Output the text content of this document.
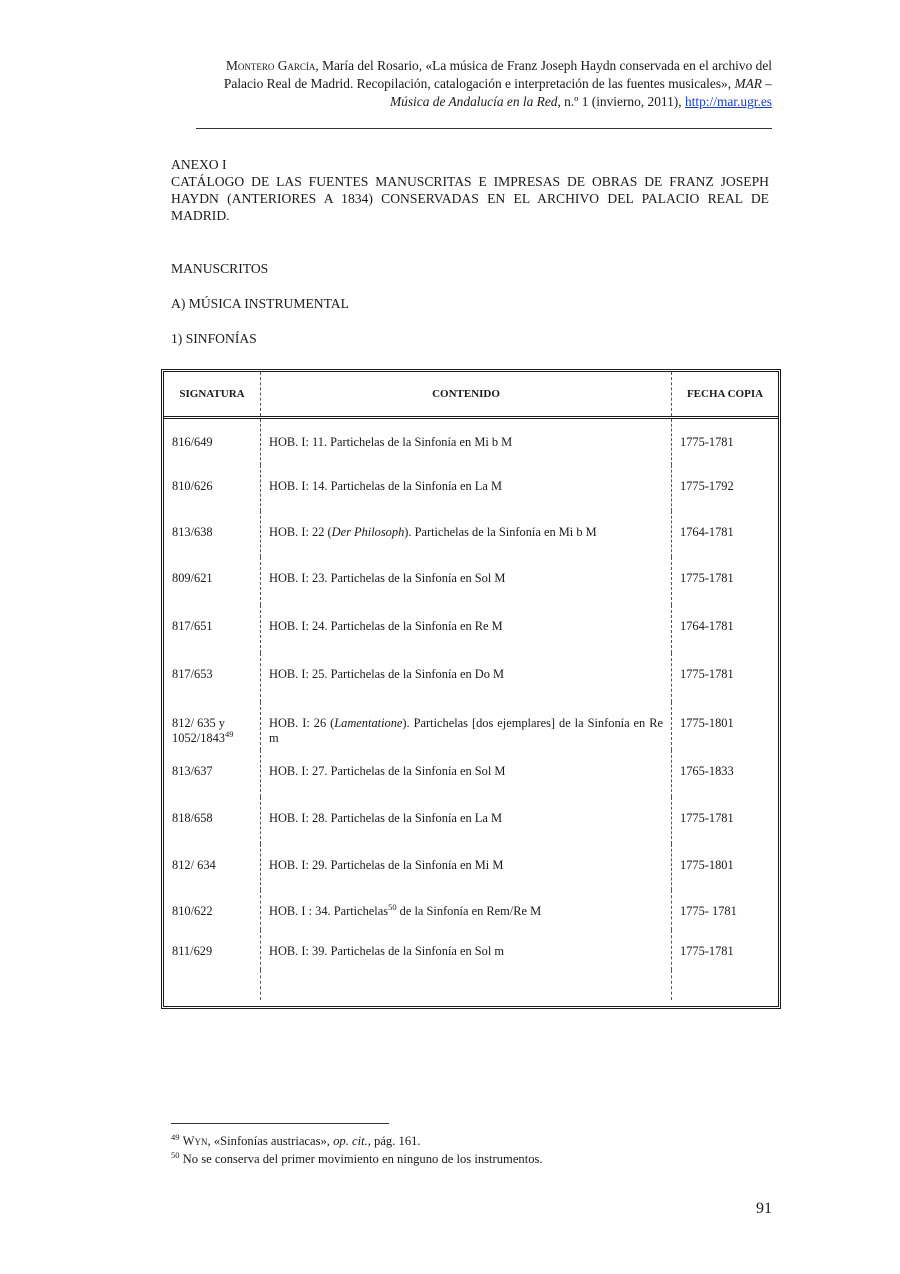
Montero García, María del Rosario, «La música de Franz Joseph Haydn conservada en el archivo del Palacio Real de Madrid. Recopilación, catalogación e interpretación de las fuentes musicales», MAR – Música de Andalucía en la Red, n.º 1 (invierno, 2011), http://mar.ugr.es
ANEXO I
CATÁLOGO DE LAS FUENTES MANUSCRITAS E IMPRESAS DE OBRAS DE FRANZ JOSEPH HAYDN (ANTERIORES A 1834) CONSERVADAS EN EL ARCHIVO DEL PALACIO REAL DE MADRID.
MANUSCRITOS
A) MÚSICA INSTRUMENTAL
1) SINFONÍAS
SIGNATURA	CONTENIDO	FECHA COPIA
816/649	HOB. I: 11. Partichelas de la Sinfonía en Mi b M	1775-1781
810/626	HOB. I: 14. Partichelas de la Sinfonía en La M	1775-1792
813/638	HOB. I: 22 (Der Philosoph). Partichelas de la Sinfonía en Mi b M	1764-1781
809/621	HOB. I: 23. Partichelas de la Sinfonía en Sol M	1775-1781
817/651	HOB. I: 24. Partichelas de la Sinfonía en Re M	1764-1781
817/653	HOB. I: 25. Partichelas de la Sinfonía en Do M	1775-1781
812/ 635 y 1052/1843$^{49}$	HOB. I: 26 (Lamentatione). Partichelas [dos ejemplares] de la Sinfonía en Re m	1775-1801
813/637	HOB. I: 27. Partichelas de la Sinfonía en Sol M	1765-1833
818/658	HOB. I: 28. Partichelas de la Sinfonía en La M	1775-1781
812/ 634	HOB. I: 29. Partichelas de la Sinfonía en Mi M	1775-1801
810/622	HOB. I : 34. Partichelas$^{50}$ de la Sinfonía en Rem/Re M	1775- 1781
811/629	HOB. I: 39. Partichelas de la Sinfonía en Sol m	1775-1781

$^{49}$ Wyn, «Sinfonías austriacas», op. cit., pág. 161.
$^{50}$ No se conserva del primer movimiento en ninguno de los instrumentos.
91
